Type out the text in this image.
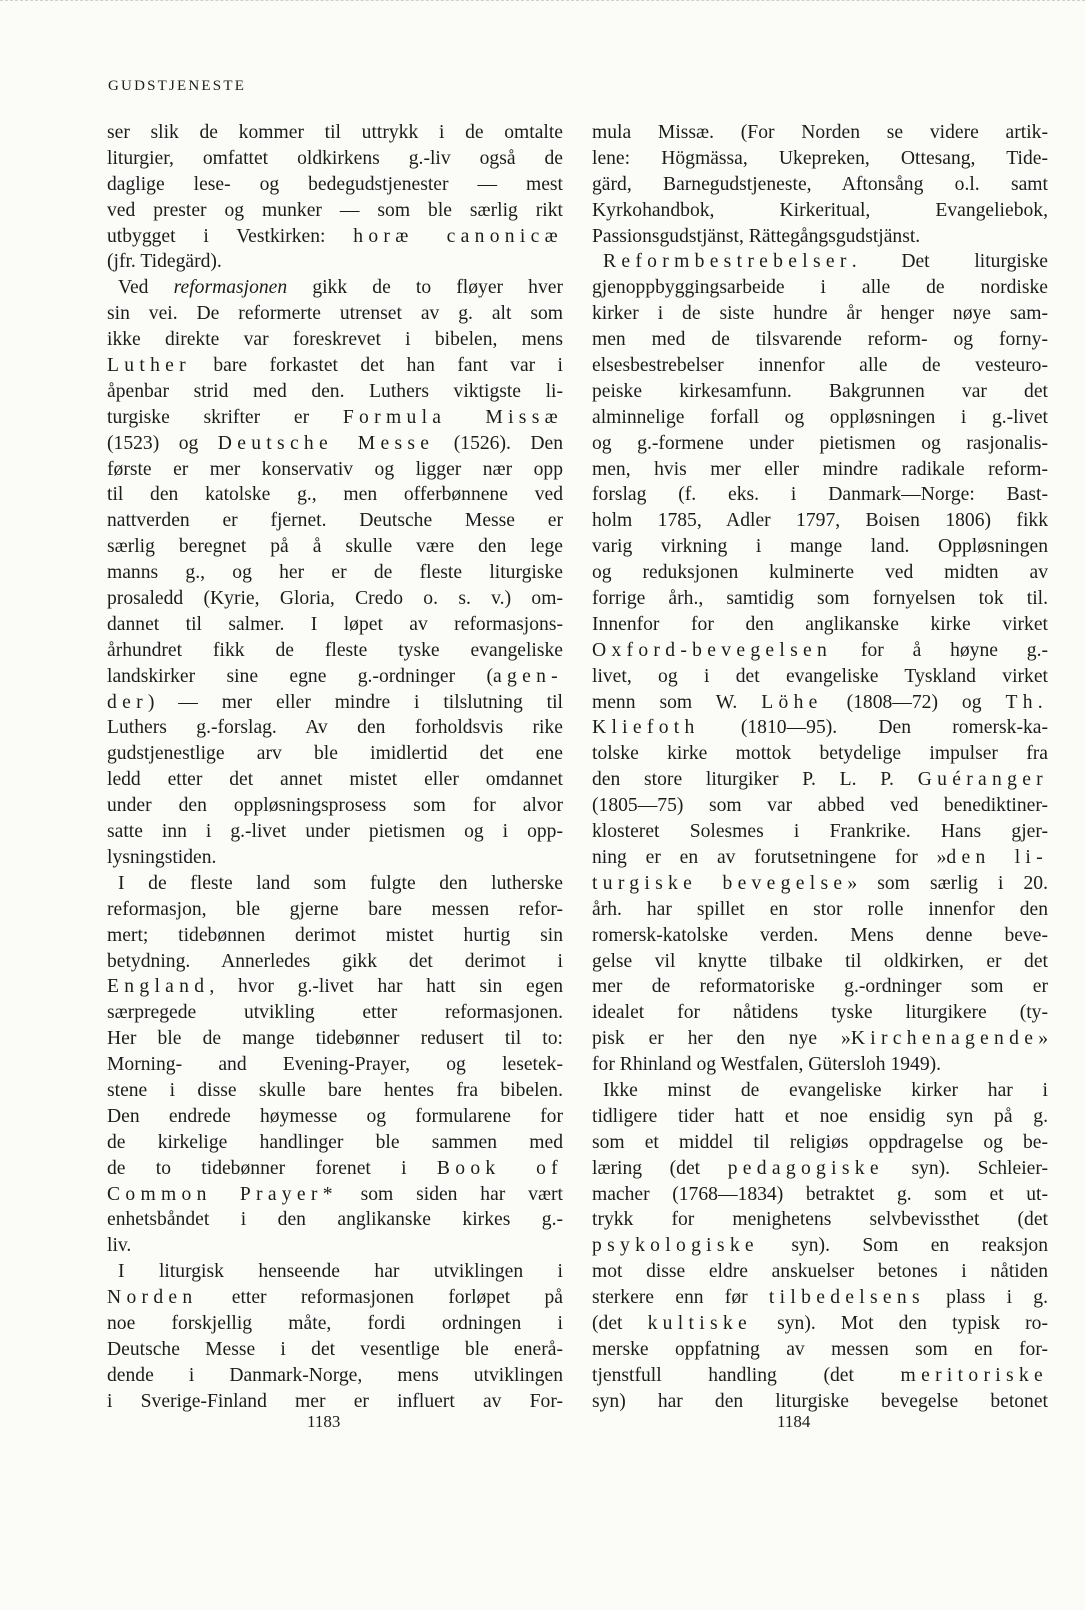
GUDSTJENESTE
ser slik de kommer til uttrykk i de omtalte
liturgier, omfattet oldkirkens g.-liv også de
daglige lese- og bedegudstjenester — mest
ved prester og munker — som ble særlig rikt
utbygget i Vestkirken: horæ canonicæ
(jfr. Tidegärd).
Ved reformasjonen gikk de to fløyer hver
sin vei. De reformerte utrenset av g. alt som
ikke direkte var foreskrevet i bibelen, mens
Luther bare forkastet det han fant var i
åpenbar strid med den. Luthers viktigste li-
turgiske skrifter er Formula Missæ
(1523) og Deutsche Messe (1526). Den
første er mer konservativ og ligger nær opp
til den katolske g., men offerbønnene ved
nattverden er fjernet. Deutsche Messe er
særlig beregnet på å skulle være den lege
manns g., og her er de fleste liturgiske
prosaledd (Kyrie, Gloria, Credo o. s. v.) om-
dannet til salmer. I løpet av reformasjons-
århundret fikk de fleste tyske evangeliske
landskirker sine egne g.-ordninger (agen-
der) — mer eller mindre i tilslutning til
Luthers g.-forslag. Av den forholdsvis rike
gudstjenestlige arv ble imidlertid det ene
ledd etter det annet mistet eller omdannet
under den oppløsningsprosess som for alvor
satte inn i g.-livet under pietismen og i opp-
lysningstiden.
I de fleste land som fulgte den lutherske
reformasjon, ble gjerne bare messen refor-
mert; tidebønnen derimot mistet hurtig sin
betydning. Annerledes gikk det derimot i
England, hvor g.-livet har hatt sin egen
særpregede utvikling etter reformasjonen.
Her ble de mange tidebønner redusert til to:
Morning- and Evening-Prayer, og lesetek-
stene i disse skulle bare hentes fra bibelen.
Den endrede høymesse og formularene for
de kirkelige handlinger ble sammen med
de to tidebønner forenet i Book of
Common Prayer* som siden har vært
enhetsbåndet i den anglikanske kirkes g.-
liv.
I liturgisk henseende har utviklingen i
Norden etter reformasjonen forløpet på
noe forskjellig måte, fordi ordningen i
Deutsche Messe i det vesentlige ble enerå-
dende i Danmark-Norge, mens utviklingen
i Sverige-Finland mer er influert av For-
mula Missæ. (For Norden se videre artik-
lene: Högmässa, Ukepreken, Ottesang, Tide-
gärd, Barnegudstjeneste, Aftonsång o.l. samt
Kyrkohandbok, Kirkeritual, Evangeliebok,
Passionsgudstjänst, Rättegångsgudstjänst.
Reformbestrebelser. Det liturgiske
gjenoppbyggingsarbeide i alle de nordiske
kirker i de siste hundre år henger nøye sam-
men med de tilsvarende reform- og forny-
elsesbestrebelser innenfor alle de vesteuro-
peiske kirkesamfunn. Bakgrunnen var det
alminnelige forfall og oppløsningen i g.-livet
og g.-formene under pietismen og rasjonalis-
men, hvis mer eller mindre radikale reform-
forslag (f. eks. i Danmark—Norge: Bast-
holm 1785, Adler 1797, Boisen 1806) fikk
varig virkning i mange land. Oppløsningen
og reduksjonen kulminerte ved midten av
forrige årh., samtidig som fornyelsen tok til.
Innenfor for den anglikanske kirke virket
Oxford-bevegelsen for å høyne g.-
livet, og i det evangeliske Tyskland virket
menn som W. Löhe (1808—72) og Th.
Kliefoth (1810—95). Den romersk-ka-
tolske kirke mottok betydelige impulser fra
den store liturgiker P. L. P. Guéranger
(1805—75) som var abbed ved benediktiner-
klosteret Solesmes i Frankrike. Hans gjer-
ning er en av forutsetningene for »den li-
turgiske bevegelse» som særlig i 20.
årh. har spillet en stor rolle innenfor den
romersk-katolske verden. Mens denne beve-
gelse vil knytte tilbake til oldkirken, er det
mer de reformatoriske g.-ordninger som er
idealet for nåtidens tyske liturgikere (ty-
pisk er her den nye »Kirchenagende»
for Rhinland og Westfalen, Gütersloh 1949).
Ikke minst de evangeliske kirker har i
tidligere tider hatt et noe ensidig syn på g.
som et middel til religiøs oppdragelse og be-
læring (det pedagogiske syn). Schleier-
macher (1768—1834) betraktet g. som et ut-
trykk for menighetens selvbevissthet (det
psykologiske syn). Som en reaksjon
mot disse eldre anskuelser betones i nåtiden
sterkere enn før tilbedelsens plass i g.
(det kultiske syn). Mot den typisk ro-
merske oppfatning av messen som en for-
tjenstfull handling (det meritoriske
syn) har den liturgiske bevegelse betonet
1183	1184
